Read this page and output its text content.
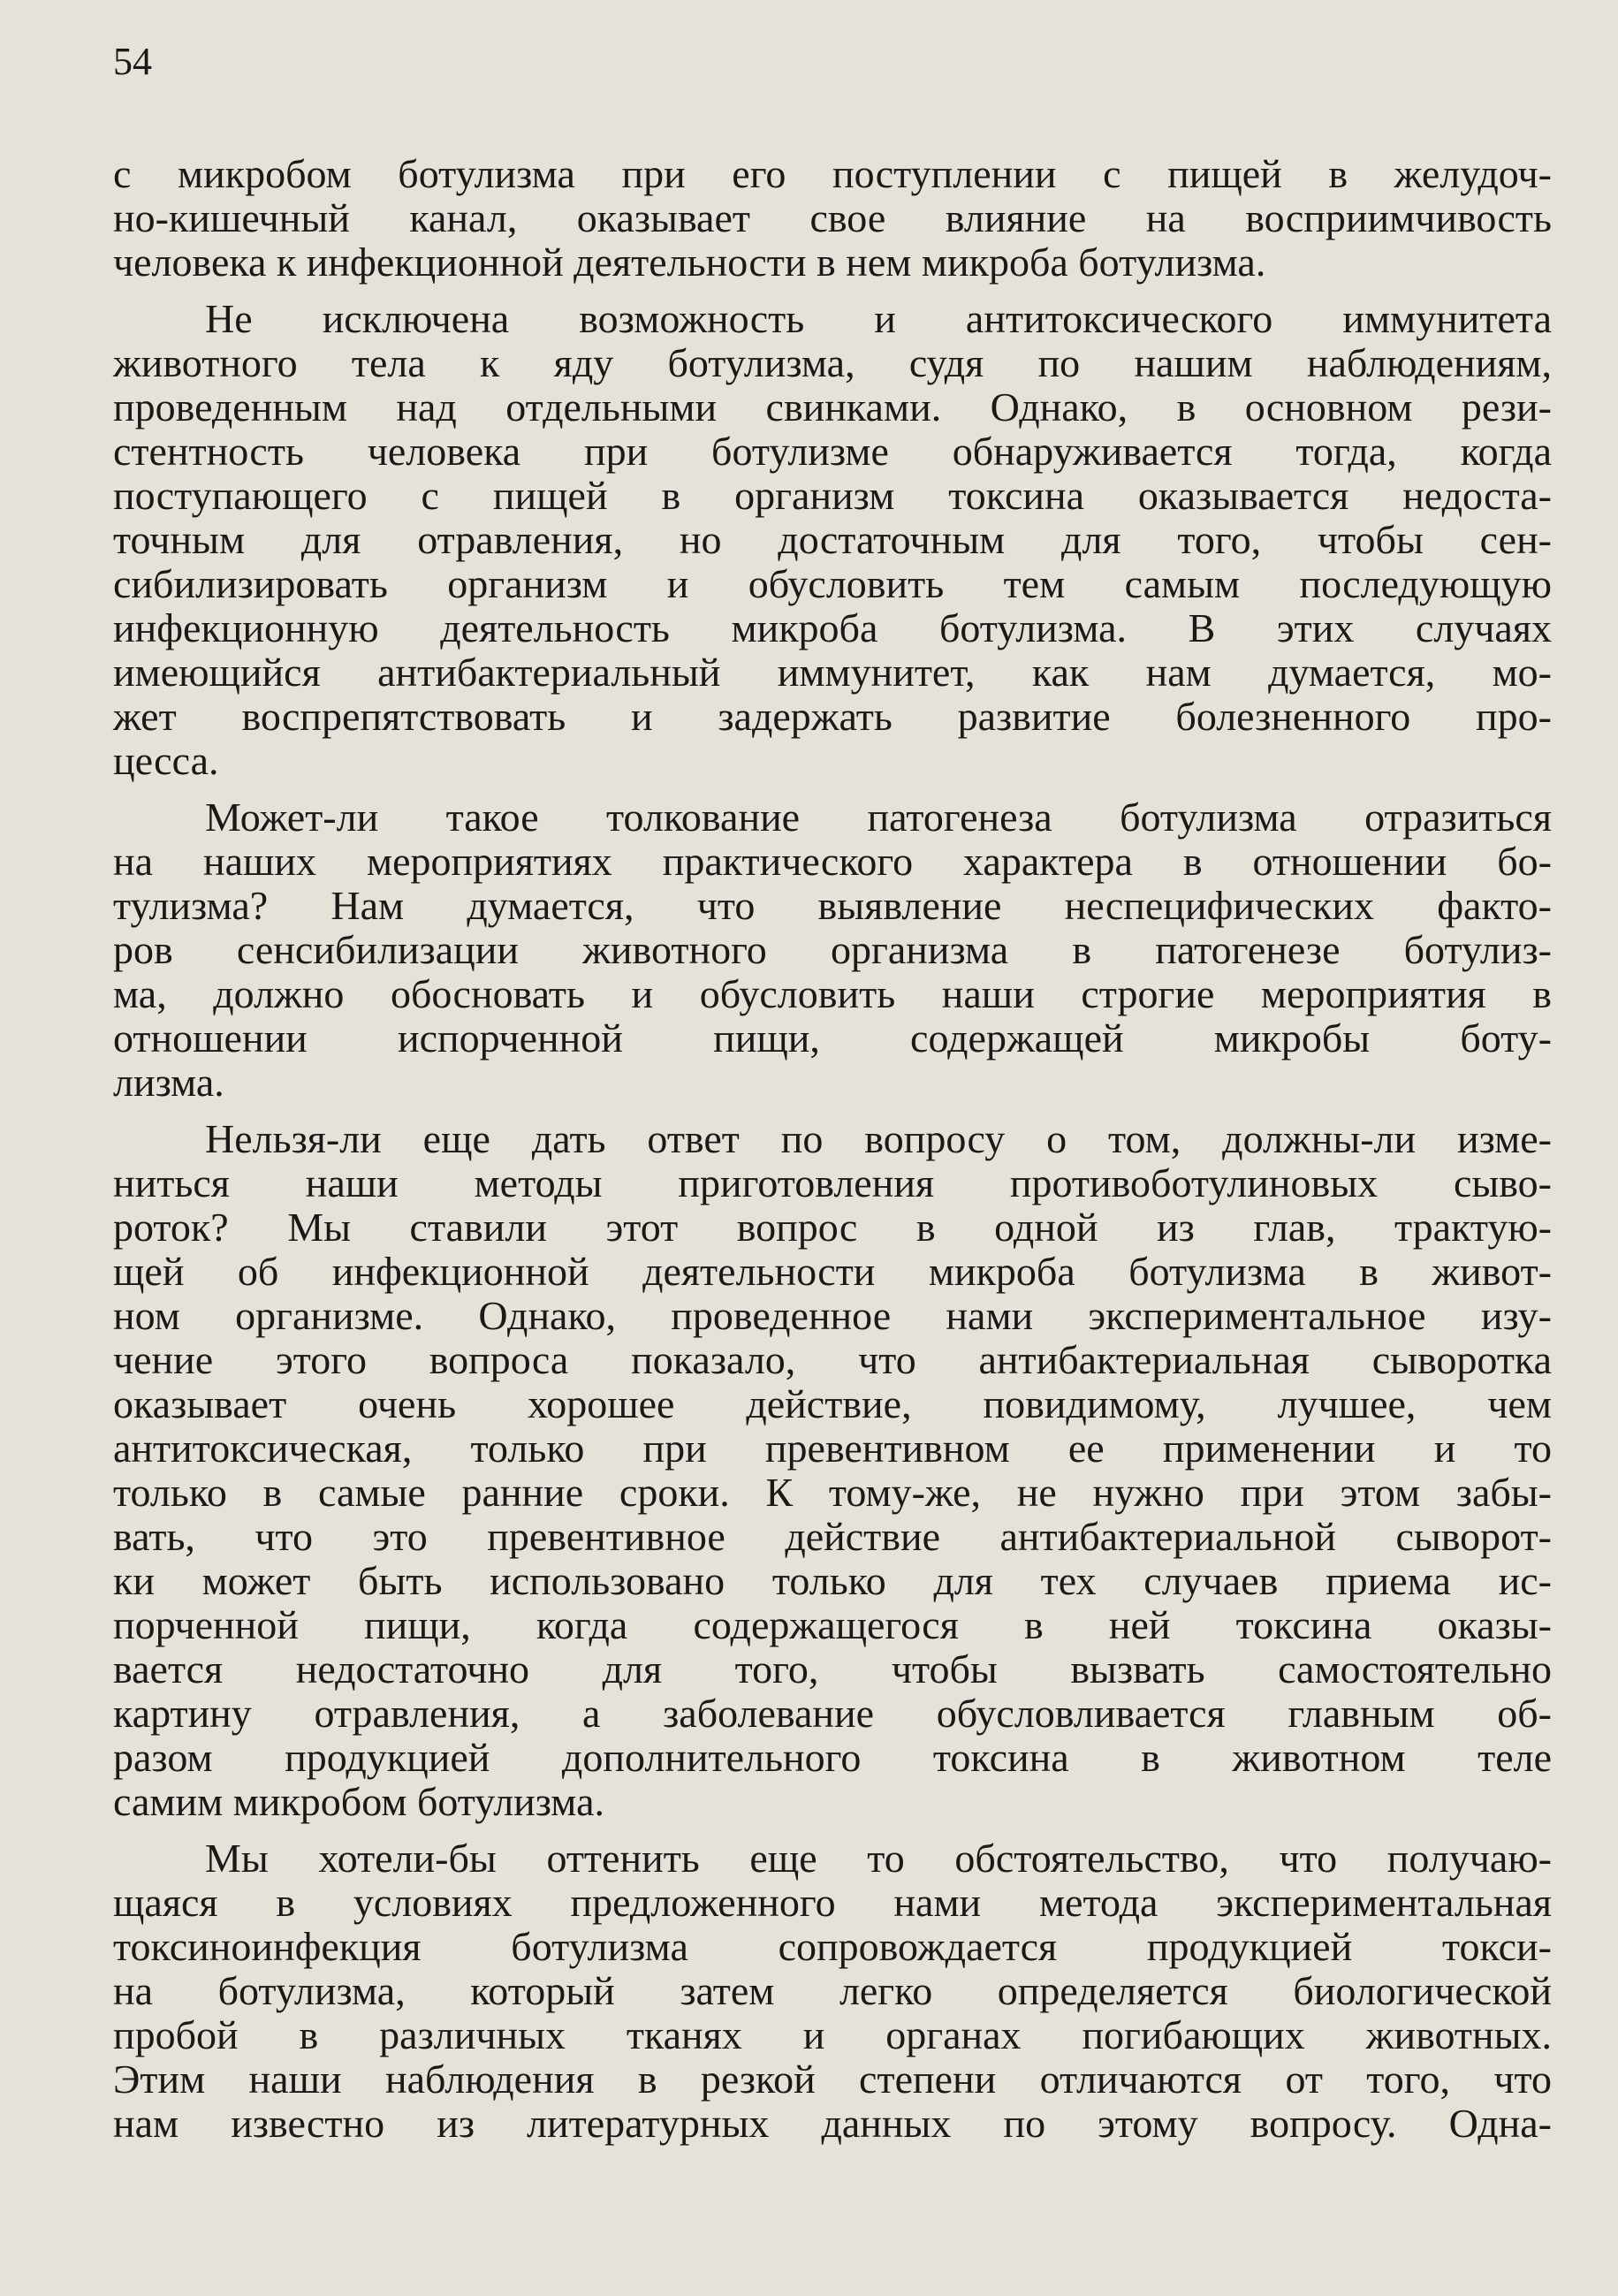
54
с микробом ботулизма при его поступлении с пищей в желудоч-
но-кишечный канал, оказывает свое влияние на восприимчивость
человека к инфекционной деятельности в нем микроба ботулизма.
Не исключена возможность и антитоксического иммунитета
животного тела к яду ботулизма, судя по нашим наблюдениям,
проведенным над отдельными свинками. Однако, в основном рези-
стентность человека при ботулизме обнаруживается тогда, когда
поступающего с пищей в организм токсина оказывается недоста-
точным для отравления, но достаточным для того, чтобы сен-
сибилизировать организм и обусловить тем самым последующую
инфекционную деятельность микроба ботулизма. В этих случаях
имеющийся антибактериальный иммунитет, как нам думается, мо-
жет воспрепятствовать и задержать развитие болезненного про-
цесса.
Может-ли такое толкование патогенеза ботулизма отразиться
на наших мероприятиях практического характера в отношении бо-
тулизма? Нам думается, что выявление неспецифических факто-
ров сенсибилизации животного организма в патогенезе ботулиз-
ма, должно обосновать и обусловить наши строгие мероприятия в
отношении испорченной пищи, содержащей микробы боту-
лизма.
Нельзя-ли еще дать ответ по вопросу о том, должны-ли изме-
ниться наши методы приготовления противоботулиновых сыво-
роток? Мы ставили этот вопрос в одной из глав, трактую-
щей об инфекционной деятельности микроба ботулизма в живот-
ном организме. Однако, проведенное нами экспериментальное изу-
чение этого вопроса показало, что антибактериальная сыворотка
оказывает очень хорошее действие, повидимому, лучшее, чем
антитоксическая, только при превентивном ее применении и то
только в самые ранние сроки. К тому-же, не нужно при этом забы-
вать, что это превентивное действие антибактериальной сыворот-
ки может быть использовано только для тех случаев приема ис-
порченной пищи, когда содержащегося в ней токсина оказы-
вается недостаточно для того, чтобы вызвать самостоятельно
картину отравления, а заболевание обусловливается главным об-
разом продукцией дополнительного токсина в животном теле
самим микробом ботулизма.
Мы хотели-бы оттенить еще то обстоятельство, что получаю-
щаяся в условиях предложенного нами метода экспериментальная
токсиноинфекция ботулизма сопровождается продукцией токси-
на ботулизма, который затем легко определяется биологической
пробой в различных тканях и органах погибающих животных.
Этим наши наблюдения в резкой степени отличаются от того, что
нам известно из литературных данных по этому вопросу. Одна-
